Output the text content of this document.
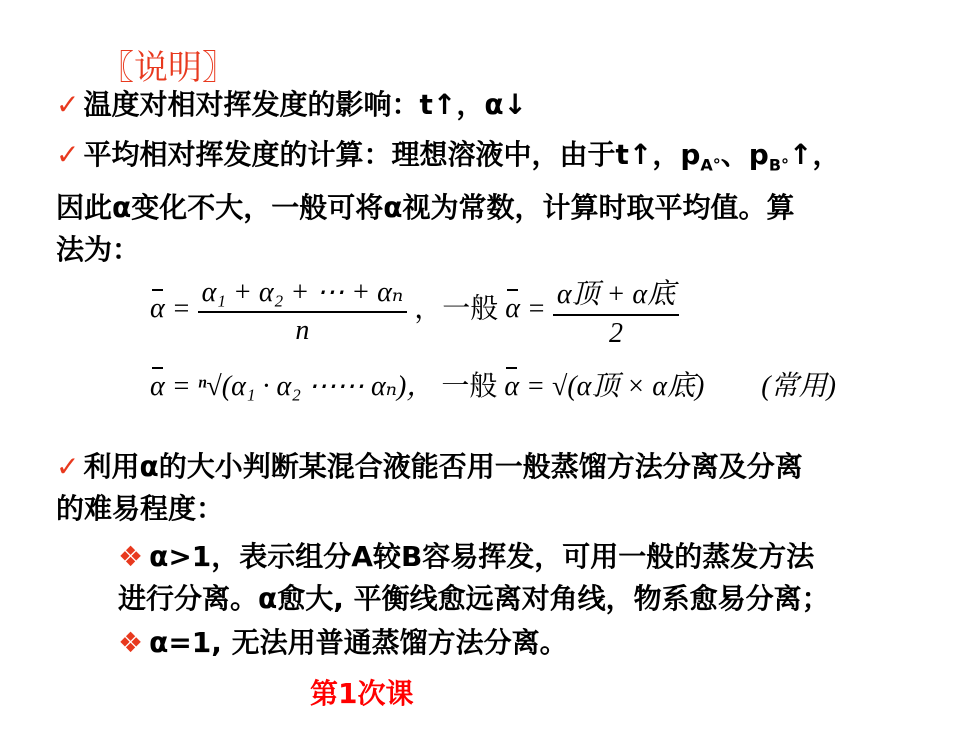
〖说明〗
✓ 温度对相对挥发度的影响：t↑，α↓
✓ 平均相对挥发度的计算：理想溶液中，由于t↑，$p_{A^\circ}$、$p_{B^\circ}↑$，
因此α变化不大，一般可将α视为常数，计算时取平均值。算
法为：
$\alpha = \frac{\text{α₁ + α₂ + ⋯ + αₙ}}{n}$ ，一般 $\alpha = \frac{\text{α顶 + α底}}{2}$
α = ⁿ√(α₁ · α₂ ⋯⋯ αₙ)， 一般 α = √(α顶 × α底) (常用)
✓ 利用α的大小判断某混合液能否用一般蒸馏方法分离及分离
的难易程度：
❖ α>1，表示组分A较B容易挥发，可用一般的蒸发方法
进行分离。α愈大, 平衡线愈远离对角线，物系愈易分离；
❖ α=1, 无法用普通蒸馏方法分离。
第1次课
